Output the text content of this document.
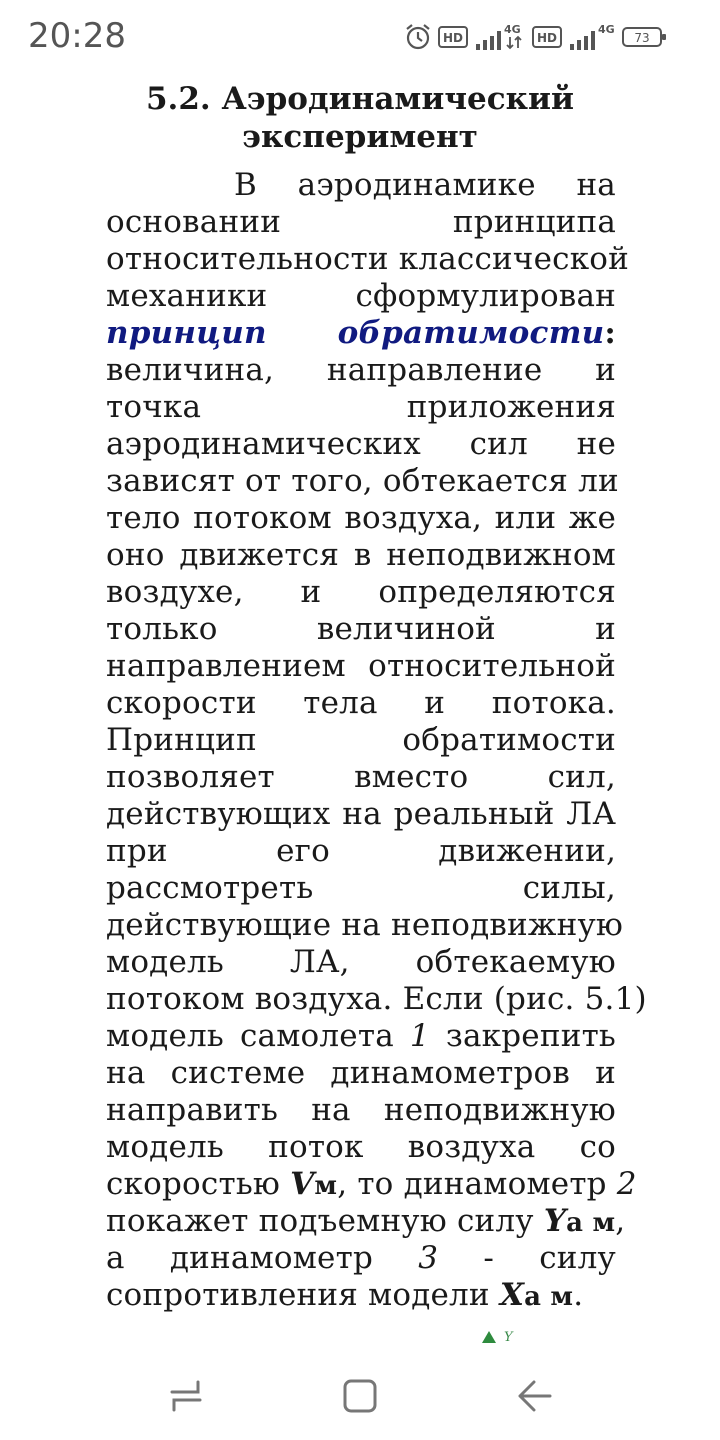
20:28	HD
4G
HD
4G
73
5.2. Аэродинамический
эксперимент
В аэродинамике на
основании принципа
относительности классической
механики сформулирован
принцип обратимости:
величина, направление и
точка приложения
аэродинамических сил не
зависят от того, обтекается ли
тело потоком воздуха, или же
оно движется в неподвижном
воздухе, и определяются
только величиной и
направлением относительной
скорости тела и потока.
Принцип обратимости
позволяет вместо сил,
действующих на реальный ЛА
при его движении,
рассмотреть силы,
действующие на неподвижную
модель ЛА, обтекаемую
потоком воздуха. Если (рис. 5.1)
модель самолета 1 закрепить
на системе динамометров и
направить на неподвижную
модель поток воздуха со
скоростью Vм, то динамометр 2
покажет подъемную силу Yа м,
а динамометр 3 - силу
сопротивления модели Xа м.
Y
